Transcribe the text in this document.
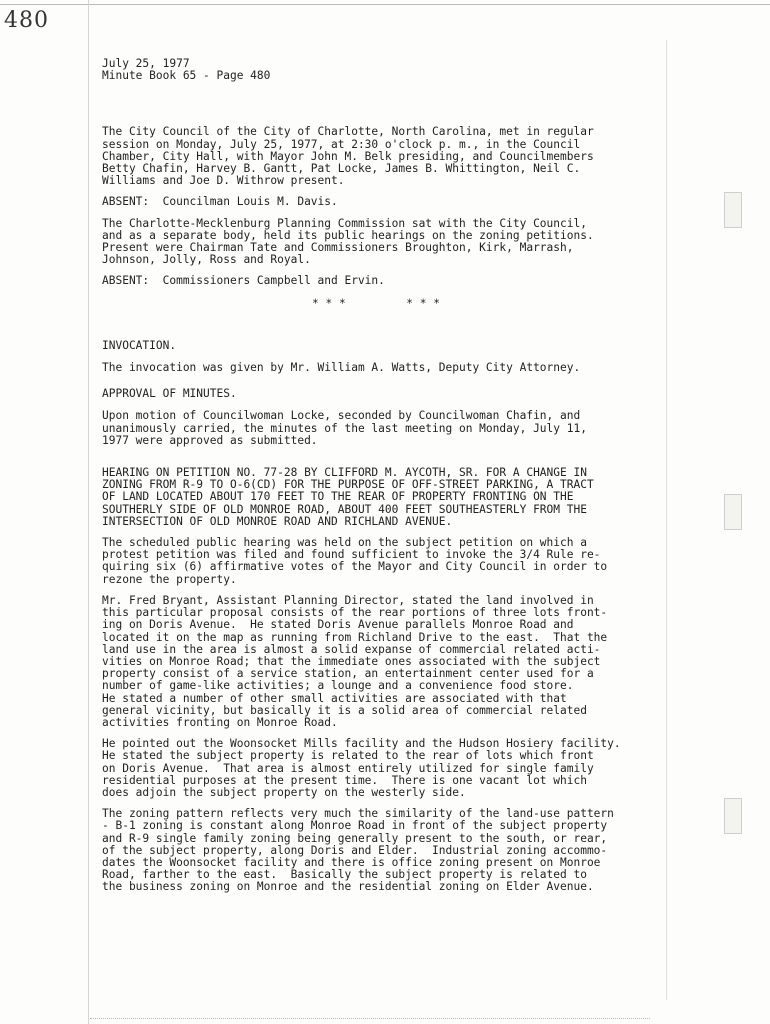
480
July 25, 1977
Minute Book 65 - Page 480
The City Council of the City of Charlotte, North Carolina, met in regular
session on Monday, July 25, 1977, at 2:30 o'clock p. m., in the Council
Chamber, City Hall, with Mayor John M. Belk presiding, and Councilmembers
Betty Chafin, Harvey B. Gantt, Pat Locke, James B. Whittington, Neil C.
Williams and Joe D. Withrow present.
ABSENT:  Councilman Louis M. Davis.
The Charlotte-Mecklenburg Planning Commission sat with the City Council,
and as a separate body, held its public hearings on the zoning petitions.
Present were Chairman Tate and Commissioners Broughton, Kirk, Marrash,
Johnson, Jolly, Ross and Royal.
ABSENT:  Commissioners Campbell and Ervin.
* * *         * * *
INVOCATION.
The invocation was given by Mr. William A. Watts, Deputy City Attorney.
APPROVAL OF MINUTES.
Upon motion of Councilwoman Locke, seconded by Councilwoman Chafin, and
unanimously carried, the minutes of the last meeting on Monday, July 11,
1977 were approved as submitted.
HEARING ON PETITION NO. 77-28 BY CLIFFORD M. AYCOTH, SR. FOR A CHANGE IN
ZONING FROM R-9 TO O-6(CD) FOR THE PURPOSE OF OFF-STREET PARKING, A TRACT
OF LAND LOCATED ABOUT 170 FEET TO THE REAR OF PROPERTY FRONTING ON THE
SOUTHERLY SIDE OF OLD MONROE ROAD, ABOUT 400 FEET SOUTHEASTERLY FROM THE
INTERSECTION OF OLD MONROE ROAD AND RICHLAND AVENUE.
The scheduled public hearing was held on the subject petition on which a
protest petition was filed and found sufficient to invoke the 3/4 Rule re-
quiring six (6) affirmative votes of the Mayor and City Council in order to
rezone the property.
Mr. Fred Bryant, Assistant Planning Director, stated the land involved in
this particular proposal consists of the rear portions of three lots front-
ing on Doris Avenue.  He stated Doris Avenue parallels Monroe Road and
located it on the map as running from Richland Drive to the east.  That the
land use in the area is almost a solid expanse of commercial related acti-
vities on Monroe Road; that the immediate ones associated with the subject
property consist of a service station, an entertainment center used for a
number of game-like activities; a lounge and a convenience food store.
He stated a number of other small activities are associated with that
general vicinity, but basically it is a solid area of commercial related
activities fronting on Monroe Road.
He pointed out the Woonsocket Mills facility and the Hudson Hosiery facility.
He stated the subject property is related to the rear of lots which front
on Doris Avenue.  That area is almost entirely utilized for single family
residential purposes at the present time.  There is one vacant lot which
does adjoin the subject property on the westerly side.
The zoning pattern reflects very much the similarity of the land-use pattern
- B-1 zoning is constant along Monroe Road in front of the subject property
and R-9 single family zoning being generally present to the south, or rear,
of the subject property, along Doris and Elder.  Industrial zoning accommo-
dates the Woonsocket facility and there is office zoning present on Monroe
Road, farther to the east.  Basically the subject property is related to
the business zoning on Monroe and the residential zoning on Elder Avenue.
